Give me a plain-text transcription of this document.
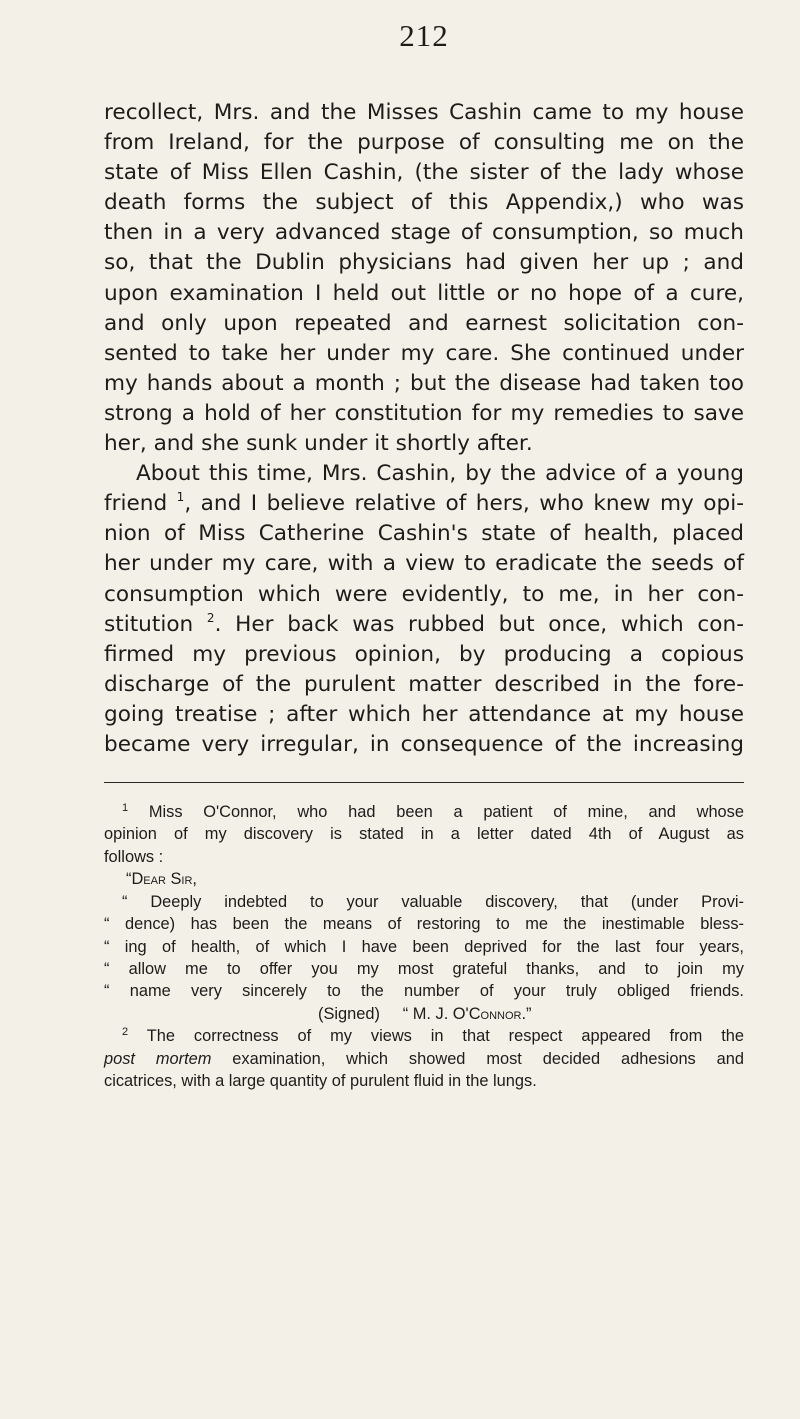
212

recollect, Mrs. and the Misses Cashin came to my house
from Ireland, for the purpose of consulting me on the
state of Miss Ellen Cashin, (the sister of the lady whose
death forms the subject of this Appendix,) who was
then in a very advanced stage of consumption, so much
so, that the Dublin physicians had given her up ; and
upon examination I held out little or no hope of a cure,
and only upon repeated and earnest solicitation con-
sented to take her under my care. She continued under
my hands about a month ; but the disease had taken too
strong a hold of her constitution for my remedies to save
her, and she sunk under it shortly after.

About this time, Mrs. Cashin, by the advice of a young
friend $^1$, and I believe relative of hers, who knew my opi-
nion of Miss Catherine Cashin's state of health, placed
her under my care, with a view to eradicate the seeds of
consumption which were evidently, to me, in her con-
stitution $^2$. Her back was rubbed but once, which con-
firmed my previous opinion, by producing a copious
discharge of the purulent matter described in the fore-
going treatise ; after which her attendance at my house
became very irregular, in consequence of the increasing

$^1$ Miss O'Connor, who had been a patient of mine, and whose
opinion of my discovery is stated in a letter dated 4th of August as
follows :
“Dear Sir,
“ Deeply indebted to your valuable discovery, that (under Provi-
“ dence) has been the means of restoring to me the inestimable bless-
“ ing of health, of which I have been deprived for the last four years,
“ allow me to offer you my most grateful thanks, and to join my
“ name very sincerely to the number of your truly obliged friends.
(Signed) “ M. J. O'Connor.”
$^2$ The correctness of my views in that respect appeared from the
post mortem examination, which showed most decided adhesions and
cicatrices, with a large quantity of purulent fluid in the lungs.
